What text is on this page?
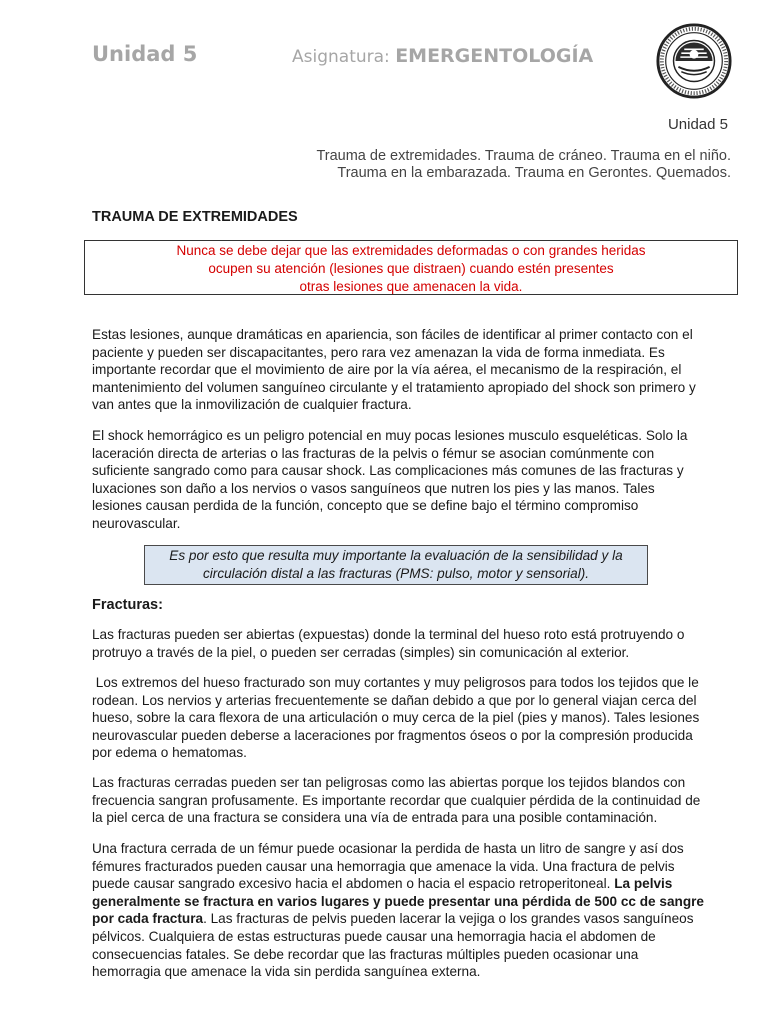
Unidad 5	Asignatura: EMERGENTOLOGÍA
Unidad 5
Trauma de extremidades. Trauma de cráneo. Trauma en el niño.
Trauma en la embarazada. Trauma en Gerontes. Quemados.
TRAUMA DE EXTREMIDADES

Nunca se debe dejar que las extremidades deformadas o con grandes heridas

ocupen su atención (lesiones que distraen) cuando estén presentes

otras lesiones que amenacen la vida.

Estas lesiones, aunque dramáticas en apariencia, son fáciles de identificar al primer contacto con el
paciente y pueden ser discapacitantes, pero rara vez amenazan la vida de forma inmediata. Es
importante recordar que el movimiento de aire por la vía aérea, el mecanismo de la respiración, el
mantenimiento del volumen sanguíneo circulante y el tratamiento apropiado del shock son primero y
van antes que la inmovilización de cualquier fractura.

El shock hemorrágico es un peligro potencial en muy pocas lesiones musculo esqueléticas. Solo la
laceración directa de arterias o las fracturas de la pelvis o fémur se asocian comúnmente con
suficiente sangrado como para causar shock. Las complicaciones más comunes de las fracturas y
luxaciones son daño a los nervios o vasos sanguíneos que nutren los pies y las manos. Tales
lesiones causan perdida de la función, concepto que se define bajo el término compromiso
neurovascular.

Es por esto que resulta muy importante la evaluación de la sensibilidad y la

circulación distal a las fracturas (PMS: pulso, motor y sensorial).

Fracturas:

Las fracturas pueden ser abiertas (expuestas) donde la terminal del hueso roto está protruyendo o
protruyo a través de la piel, o pueden ser cerradas (simples) sin comunicación al exterior.

Los extremos del hueso fracturado son muy cortantes y muy peligrosos para todos los tejidos que le
rodean. Los nervios y arterias frecuentemente se dañan debido a que por lo general viajan cerca del
hueso, sobre la cara flexora de una articulación o muy cerca de la piel (pies y manos). Tales lesiones
neurovascular pueden deberse a laceraciones por fragmentos óseos o por la compresión producida
por edema o hematomas.

Las fracturas cerradas pueden ser tan peligrosas como las abiertas porque los tejidos blandos con
frecuencia sangran profusamente. Es importante recordar que cualquier pérdida de la continuidad de
la piel cerca de una fractura se considera una vía de entrada para una posible contaminación.

Una fractura cerrada de un fémur puede ocasionar la perdida de hasta un litro de sangre y así dos
fémures fracturados pueden causar una hemorragia que amenace la vida. Una fractura de pelvis
puede causar sangrado excesivo hacia el abdomen o hacia el espacio retroperitoneal. La pelvis
generalmente se fractura en varios lugares y puede presentar una pérdida de 500 cc de sangre
por cada fractura. Las fracturas de pelvis pueden lacerar la vejiga o los grandes vasos sanguíneos
pélvicos. Cualquiera de estas estructuras puede causar una hemorragia hacia el abdomen de
consecuencias fatales. Se debe recordar que las fracturas múltiples pueden ocasionar una
hemorragia que amenace la vida sin perdida sanguínea externa.
